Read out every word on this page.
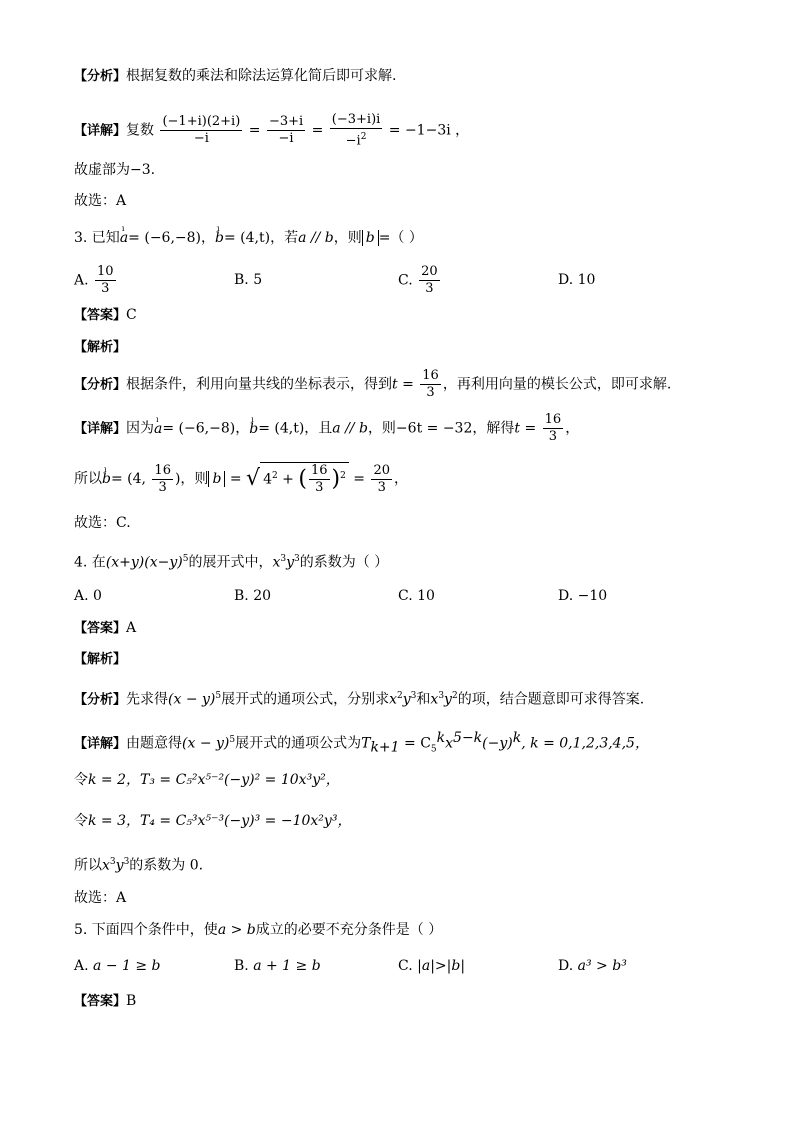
【分析】根据复数的乘法和除法运算化简后即可求解.
【详解】复数 $\frac{(-1+i)(2+i)}{-i} = \frac{-3+i}{-i} = \frac{(-3+i)i}{-i^2} = -1-3i$ ，
故虚部为−3.
故选：A
3. 已知ı a= (−6,−8)，ı b= (4,t)，若a // b，则 b =（ ）
A. $\frac{10}{3}$	B. 5	C. $\frac{20}{3}$	D. 10
【答案】C
【解析】
【分析】根据条件，利用向量共线的坐标表示，得到$t = \frac{16}{3}$ ，再利用向量的模长公式，即可求解.
【详解】因为ı a= (−6,−8)，ı b= (4,t)，且a // b，则−6t = −32，解得$t = \frac{16}{3}$ ，
所以ı b= (4, $\frac{16}{3}$ )，则 b = √ $4^2$ + ( $\frac{16}{3} )^2 = \frac{20}{3}$ ，
故选：C.
4. 在$(x+y)(x-y)^5$的展开式中，$x^3y^3$的系数为（ ）
A. 0	B. 20	C. 10	D. −10
【答案】A
【解析】
【分析】先求得$(x - y)^5$展开式的通项公式，分别求$x^2y^3$和$x^3y^2$的项，结合题意即可求得答案.
【详解】由题意得$(x - y)^5$展开式的通项公式为$T_{k+1} = C_5^kx^{5-k}(-y)^k$, k = 0,1,2,3,4,5，
令k = 2，T₃ = C₅²x⁵⁻²(−y)² = 10x³y²，
令k = 3，T₄ = C₅³x⁵⁻³(−y)³ = −10x²y³，
所以$x^3y^3$的系数为 0.
故选：A
5. 下面四个条件中，使a > b成立的必要不充分条件是（ ）
A. a − 1 ≥ b	B. a + 1 ≥ b	C. |a|>|b|	D. a³ > b³
【答案】B
